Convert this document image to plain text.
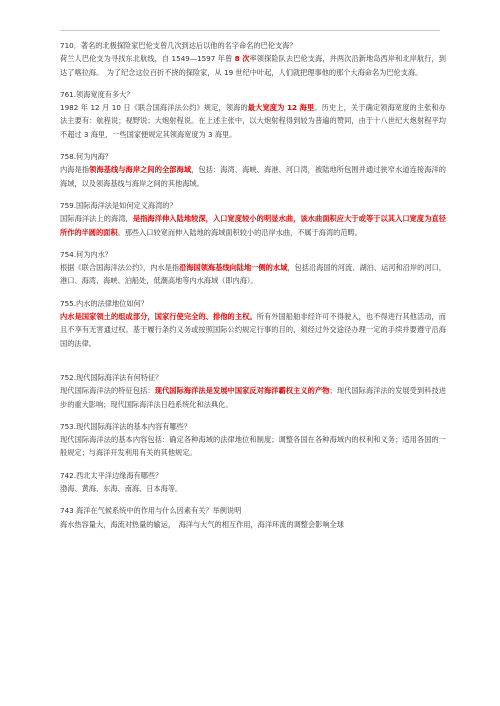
710．著名的北极探险家巴伦支曾几次到达后以他的名字命名的巴伦支海？

荷兰人巴伦支为寻找东北航线，自 1549—1597 年曾 8 次率领探险队去巴伦支海，并两次沿新地岛西岸和北岸航行，到达了喀拉海。　为了纪念这位百折不挠的探险家，从 19 世纪中叶起，人们就把理事他的那个大海命名为巴伦支海。

761.领海宽度有多大？

1982 年 12 月 10 日《联合国海洋法公约》规定，领海的最大宽度为 12 海里。历史上，关于确定领海宽度的主张和办法主要有：航程说；视野说；大炮射程说。在上述主张中，以大炮射程得到较为普遍的赞同，由于十八世纪大炮射程平均不超过 3 海里，一些国家便规定其领海宽度为 3 海里。

758.何为内海？

内海是指领海基线与海岸之间的全部海域，包括：海湾、海峡、海港、河口湾，被陆地所包围并通过狭窄水道连接海洋的海域，以及领海基线与海岸之间的其他海域。

759.国际海洋法是如何定义海湾的？

国际海洋法上的海湾，是指海洋伸入陆地较深，入口宽度较小的明显水曲，该水曲面积应大于或等于以其入口宽度为直径所作的半圆的面积。那些入口较宽而伸入陆地的海域面积较小的沿岸水曲，不属于海湾的范畴。

754.何为内水？

根据《联合国海洋法公约》，内水是指沿海国领海基线向陆地一侧的水域，包括沿海国的河流、湖泊、运河和沿岸的河口，港口、海湾、海峡、泊船处，低潮高地等内水海域（即内海）。

755.内水的法律地位如何？

内水是国家领土的组成部分，国家行使完全的、排他的主权。所有外国船舶非经许可不得驶入，也不得进行其他活动，而且不享有无害通过权。基于履行条约义务或按照国际公约规定行事的目的，须经过外交途径办理一定的手续并要遵守沿海国的法律。

752.现代国际海洋法有何特征？

现代国际海洋法的特征包括：现代国际海洋法是发展中国家反对海洋霸权主义的产物；现代国际海洋法的发展受到科技进步的重大影响；现代国际海洋法日趋系统化和法典化。

753.现代国际海洋法的基本内容有哪些？

现代国际海洋法的基本内容包括：确定各种海域的法律地位和制度；调整各国在各种海域内的权利和义务；适用各国的一般规定；与海洋开发利用有关的其他规定。

742.西北太平洋边缘海有哪些？

渤海、黄海、东海、南海、日本海等。

743 海洋在气候系统中的作用与什么因素有关？举例说明

海水热容量大，海流对热量的输运，　海洋与大气的相互作用，海洋环流的调整会影响全球
